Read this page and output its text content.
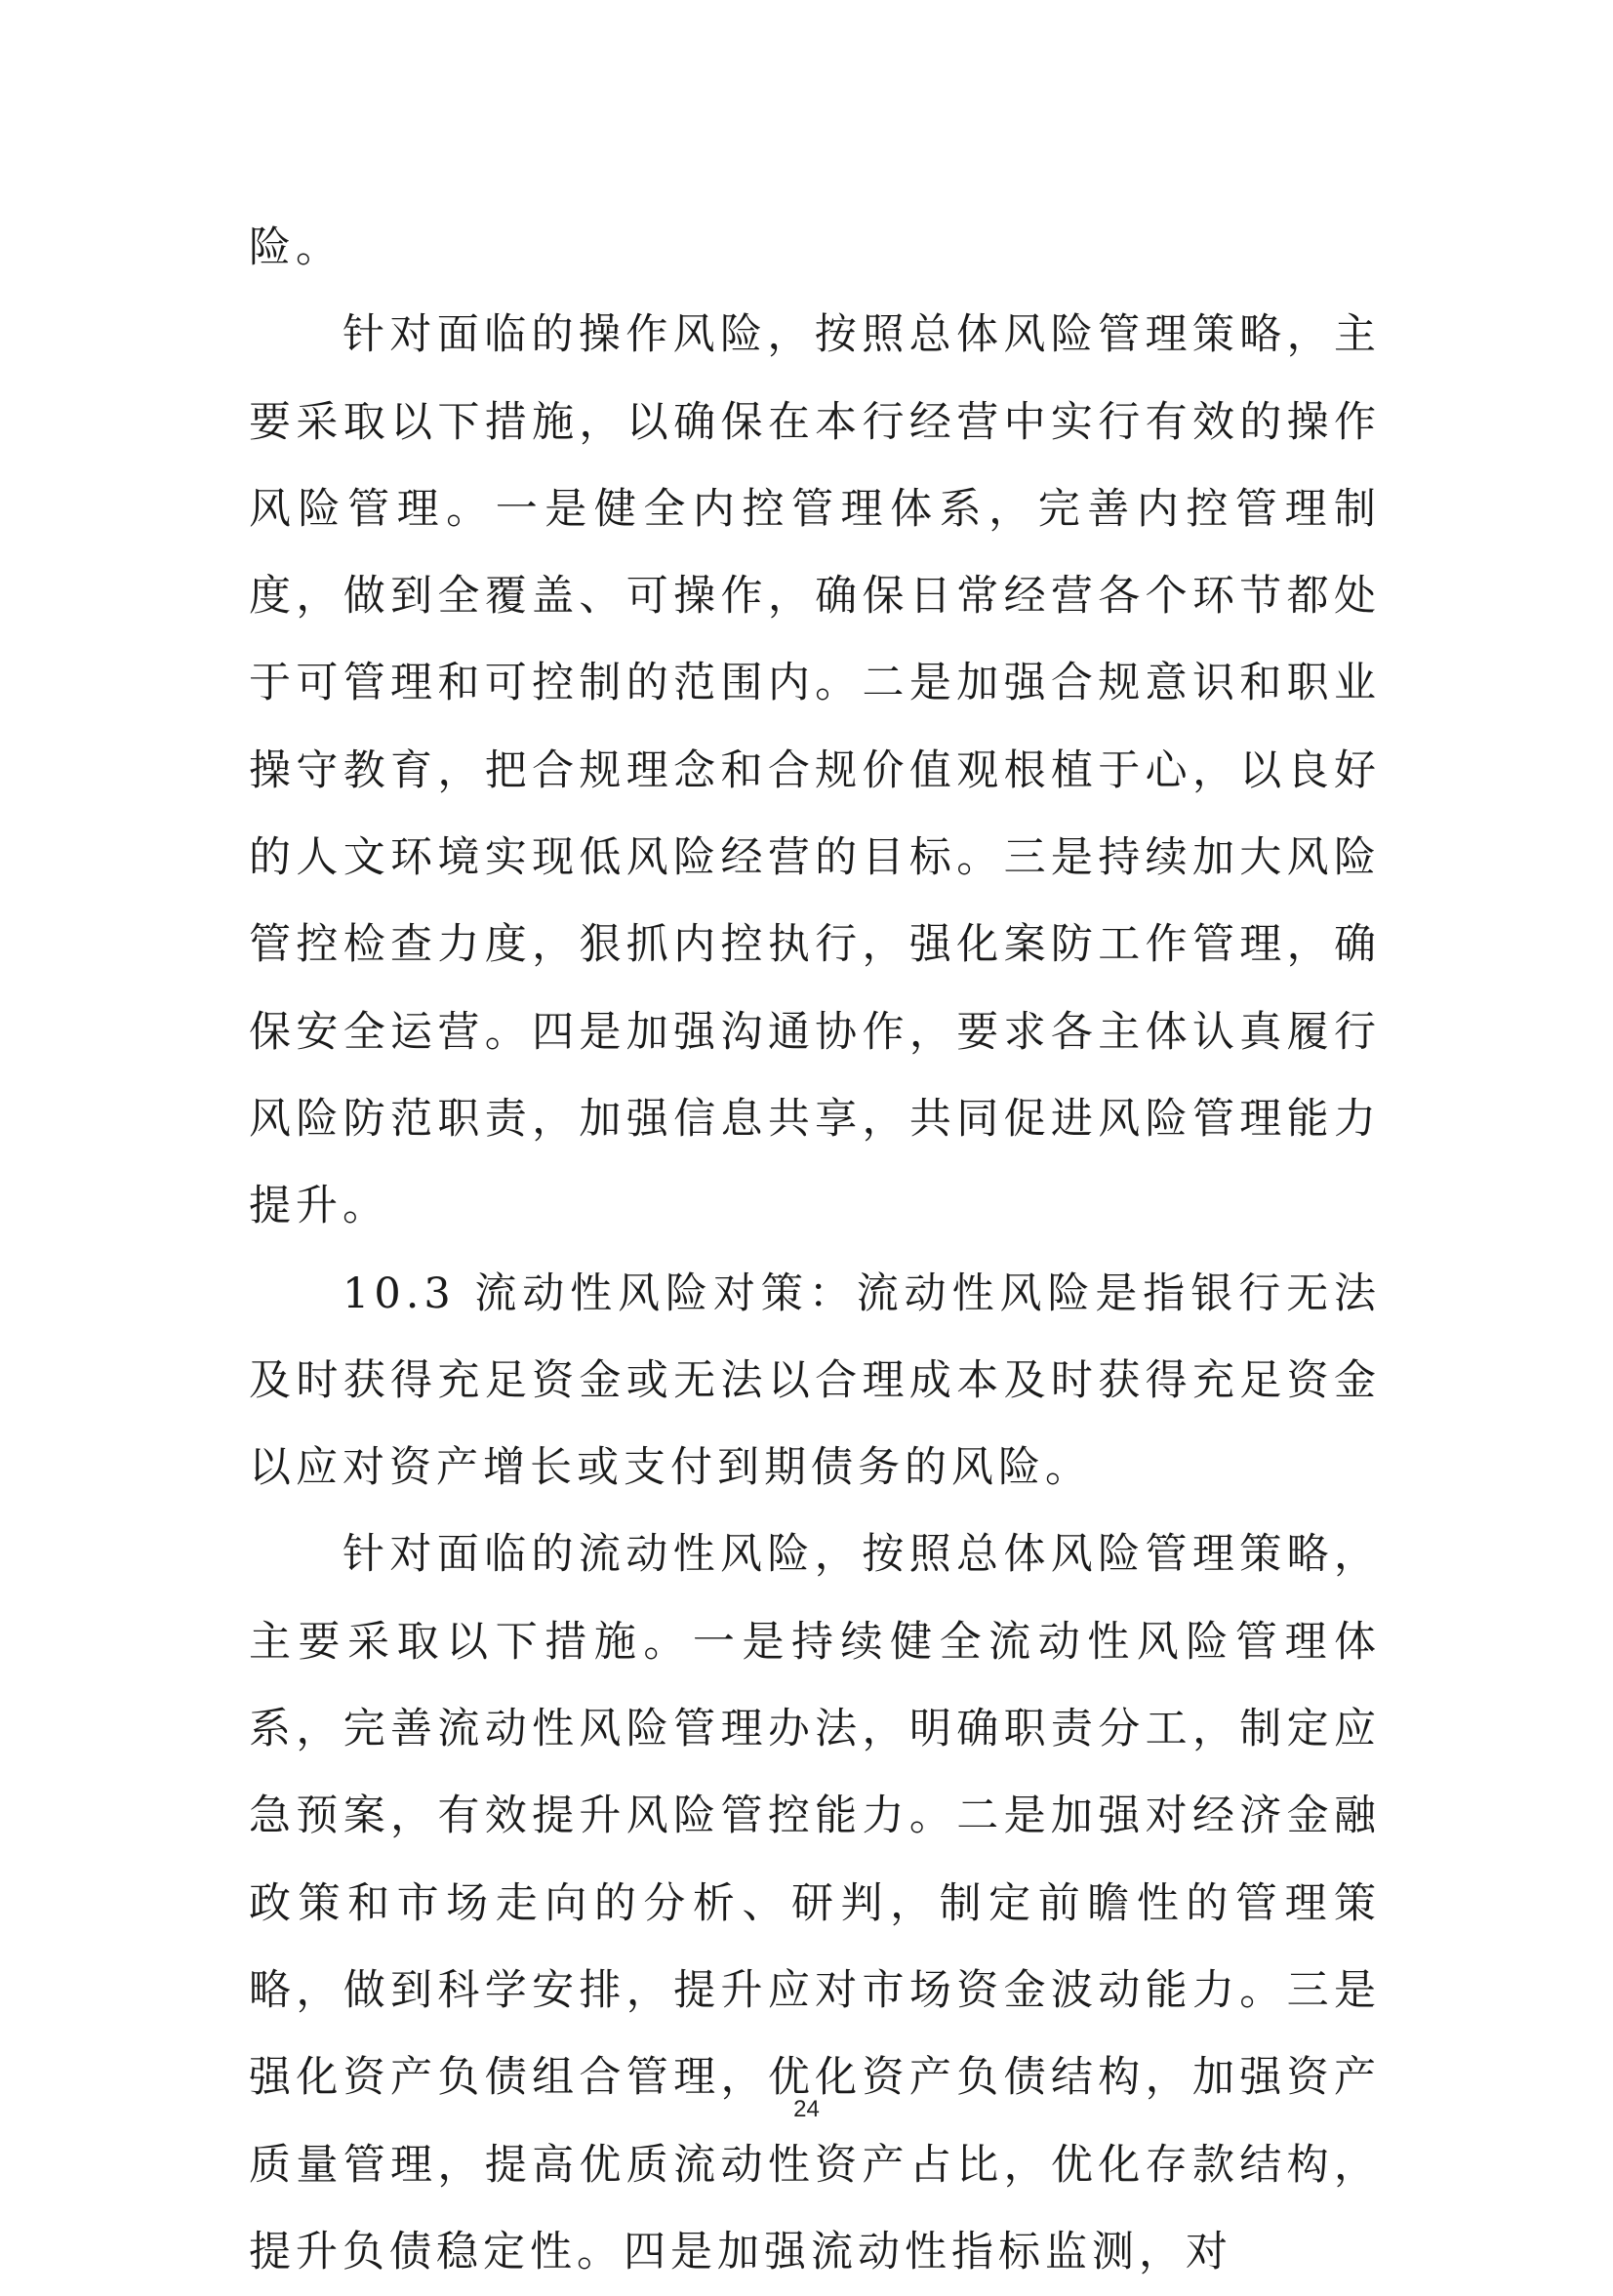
险。

针对面临的操作风险，按照总体风险管理策略，主要采取以下措施，以确保在本行经营中实行有效的操作风险管理。一是健全内控管理体系，完善内控管理制度，做到全覆盖、可操作，确保日常经营各个环节都处于可管理和可控制的范围内。二是加强合规意识和职业操守教育，把合规理念和合规价值观根植于心，以良好的人文环境实现低风险经营的目标。三是持续加大风险管控检查力度，狠抓内控执行，强化案防工作管理，确保安全运营。四是加强沟通协作，要求各主体认真履行风险防范职责，加强信息共享，共同促进风险管理能力提升。

10.3 流动性风险对策：流动性风险是指银行无法及时获得充足资金或无法以合理成本及时获得充足资金以应对资产增长或支付到期债务的风险。

针对面临的流动性风险，按照总体风险管理策略，主要采取以下措施。一是持续健全流动性风险管理体系，完善流动性风险管理办法，明确职责分工，制定应急预案，有效提升风险管控能力。二是加强对经济金融政策和市场走向的分析、研判，制定前瞻性的管理策略，做到科学安排，提升应对市场资金波动能力。三是强化资产负债组合管理，优化资产负债结构，加强资产质量管理，提高优质流动性资产占比，优化存款结构，提升负债稳定性。四是加强流动性指标监测，对

24
